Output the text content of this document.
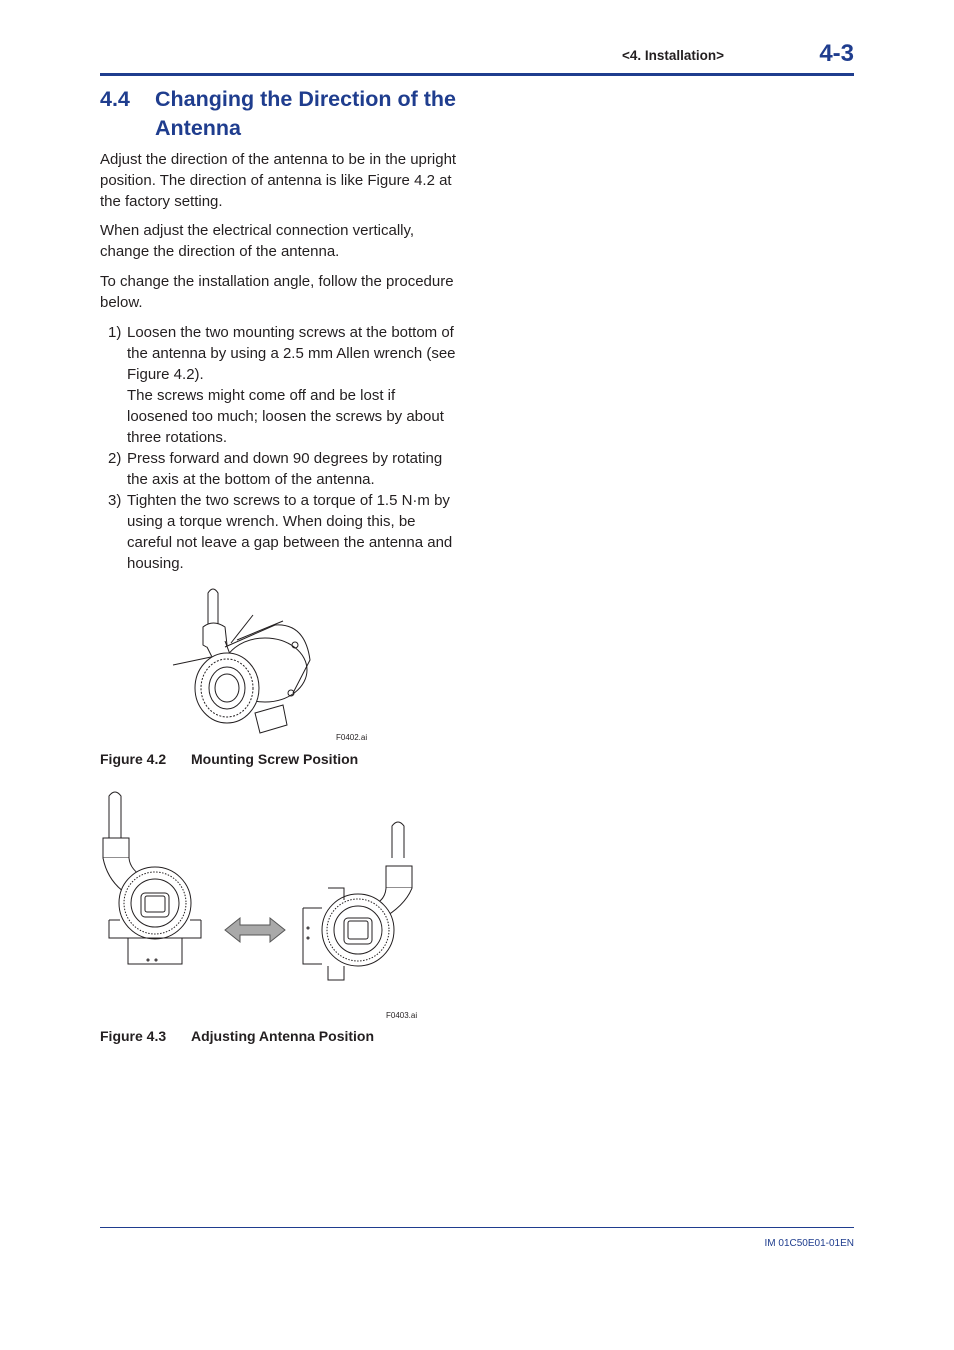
<4. Installation>	4-3
4.4 Changing the Direction of the Antenna

Adjust the direction of the antenna to be in the upright position. The direction of antenna is like Figure 4.2 at the factory setting.

When adjust the electrical connection vertically, change the direction of the antenna.

To change the installation angle, follow the procedure below.

1) Loosen the two mounting screws at the bottom of the antenna by using a 2.5 mm Allen wrench (see Figure 4.2).
The screws might come off and be lost if loosened too much; loosen the screws by about three rotations.
2) Press forward and down 90 degrees by rotating the axis at the bottom of the antenna.
3) Tighten the two screws to a torque of 1.5 N·m by using a torque wrench. When doing this, be careful not leave a gap between the antenna and housing.
F0402.ai
Figure 4.2 Mounting Screw Position
F0403.ai
Figure 4.3 Adjusting Antenna Position
IM 01C50E01-01EN
